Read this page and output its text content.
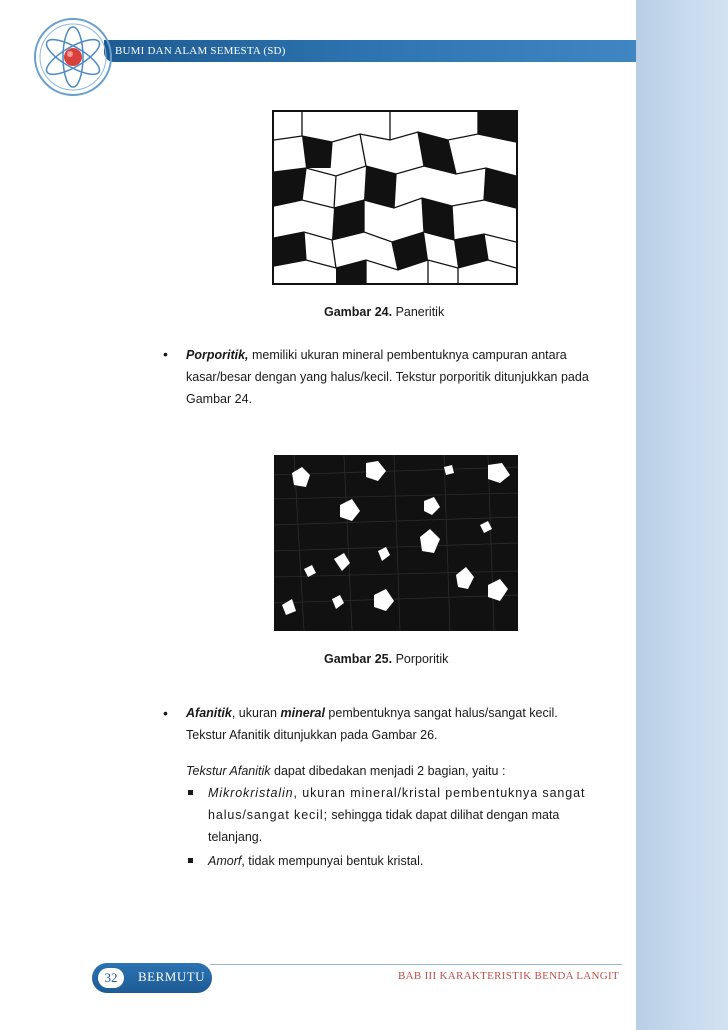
BUMI DAN ALAM SEMESTA (SD)
Gambar 24. Paneritik
• Porporitik, memiliki ukuran mineral pembentuknya campuran antara
kasar/besar dengan yang halus/kecil. Tekstur porporitik ditunjukkan pada
Gambar 24.
Gambar 25. Porporitik
• Afanitik, ukuran mineral pembentuknya sangat halus/sangat kecil.
Tekstur Afanitik ditunjukkan pada Gambar 26.
Tekstur Afanitik dapat dibedakan menjadi 2 bagian, yaitu :
Mikrokristalin, ukuran mineral/kristal pembentuknya sangat
halus/sangat kecil; sehingga tidak dapat dilihat dengan mata
telanjang.
Amorf, tidak mempunyai bentuk kristal.
32	BERMUTU	BAB III KARAKTERISTIK BENDA LANGIT
